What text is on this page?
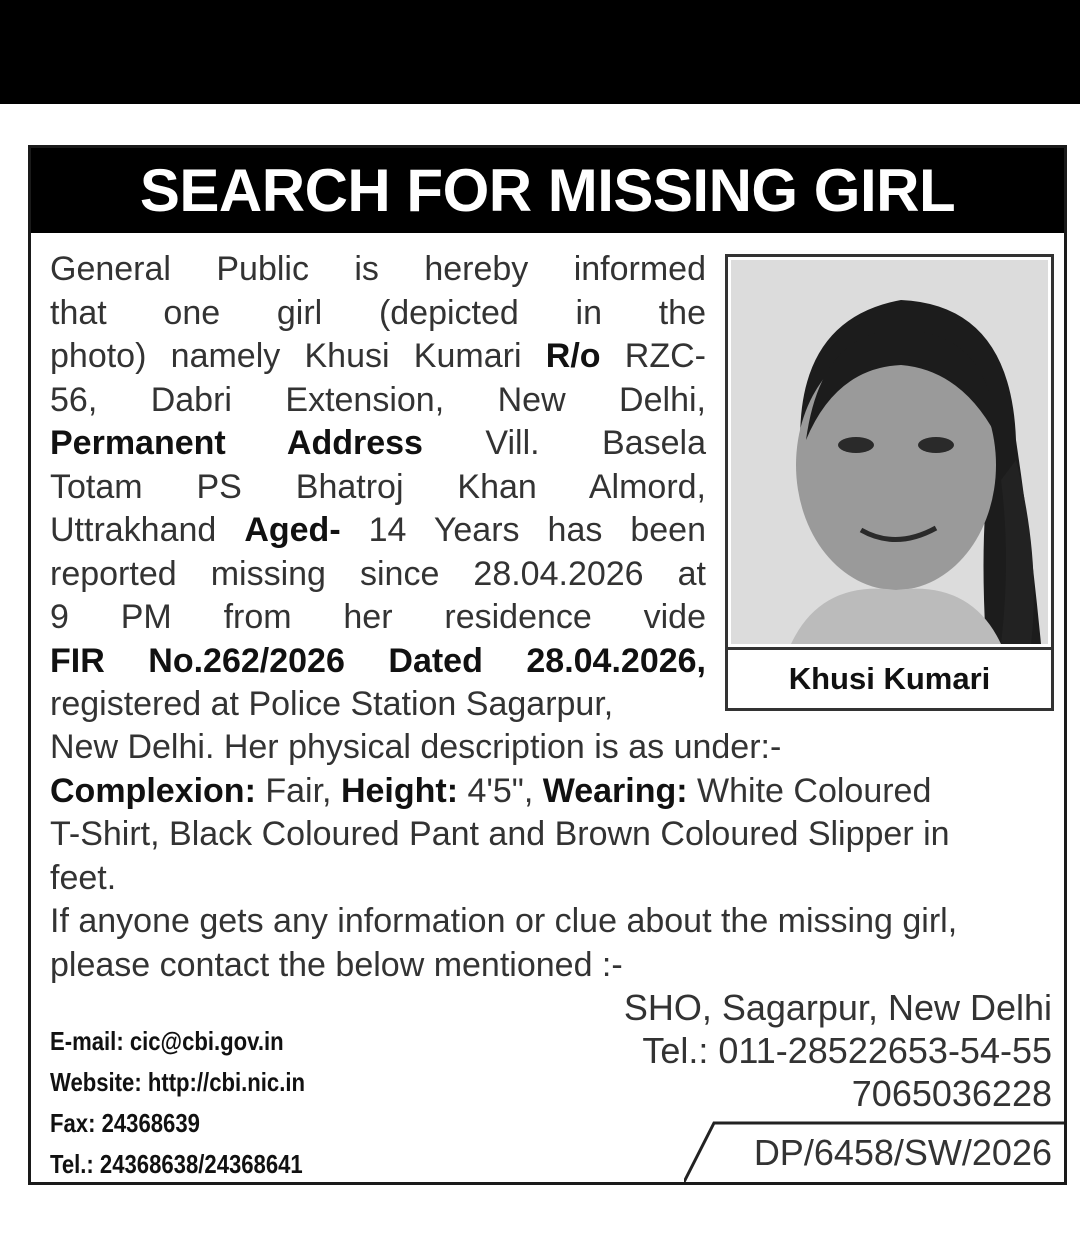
SEARCH FOR MISSING GIRL
General Public is hereby informed
that one girl (depicted in the
photo) namely Khusi Kumari R/o RZC-
56, Dabri Extension, New Delhi,
Permanent Address Vill. Basela
Totam PS Bhatroj Khan Almord,
Uttrakhand Aged- 14 Years has been
reported missing since 28.04.2026 at
9 PM from her residence vide
FIR No.262/2026 Dated 28.04.2026,
registered at Police Station Sagarpur,
Khusi Kumari
New Delhi. Her physical description is as under:-
Complexion: Fair, Height: 4'5", Wearing: White Coloured
T-Shirt, Black Coloured Pant and Brown Coloured Slipper in
feet.
If anyone gets any information or clue about the missing girl,
please contact the below mentioned :-
E-mail: cic@cbi.gov.in
Website: http://cbi.nic.in
Fax: 24368639
Tel.: 24368638/24368641
SHO, Sagarpur, New Delhi
Tel.: 011-28522653-54-55
7065036228
DP/6458/SW/2026
